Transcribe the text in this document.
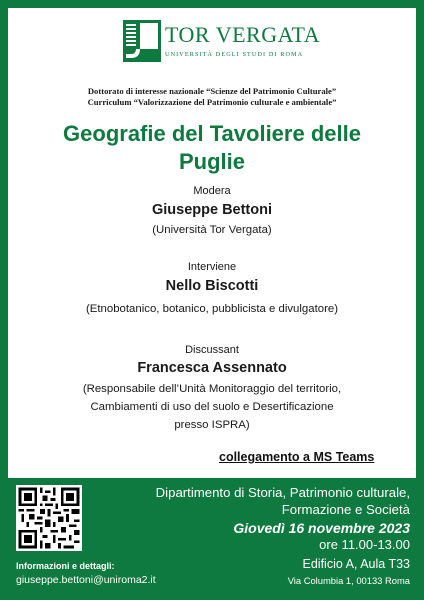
TOR VERGATA
UNIVERSITÀ DEGLI STUDI DI ROMA
Dottorato di interesse nazionale “Scienze del Patrimonio Culturale”
Curriculum “Valorizzazione del Patrimonio culturale e ambientale”
Geografie del Tavoliere delle
Puglie
Modera
Giuseppe Bettoni
(Università Tor Vergata)
Interviene
Nello Biscotti
(Etnobotanico, botanico, pubblicista e divulgatore)
Discussant
Francesca Assennato
(Responsabile dell’Unità Monitoraggio del territorio,
Cambiamenti di uso del suolo e Desertificazione
presso ISPRA)
collegamento a MS Teams
Informazioni e dettagli:
giuseppe.bettoni@uniroma2.it
Dipartimento di Storia, Patrimonio culturale,
Formazione e Società
Giovedì 16 novembre 2023
ore 11.00-13.00
Edificio A, Aula T33
Via Columbia 1, 00133 Roma
